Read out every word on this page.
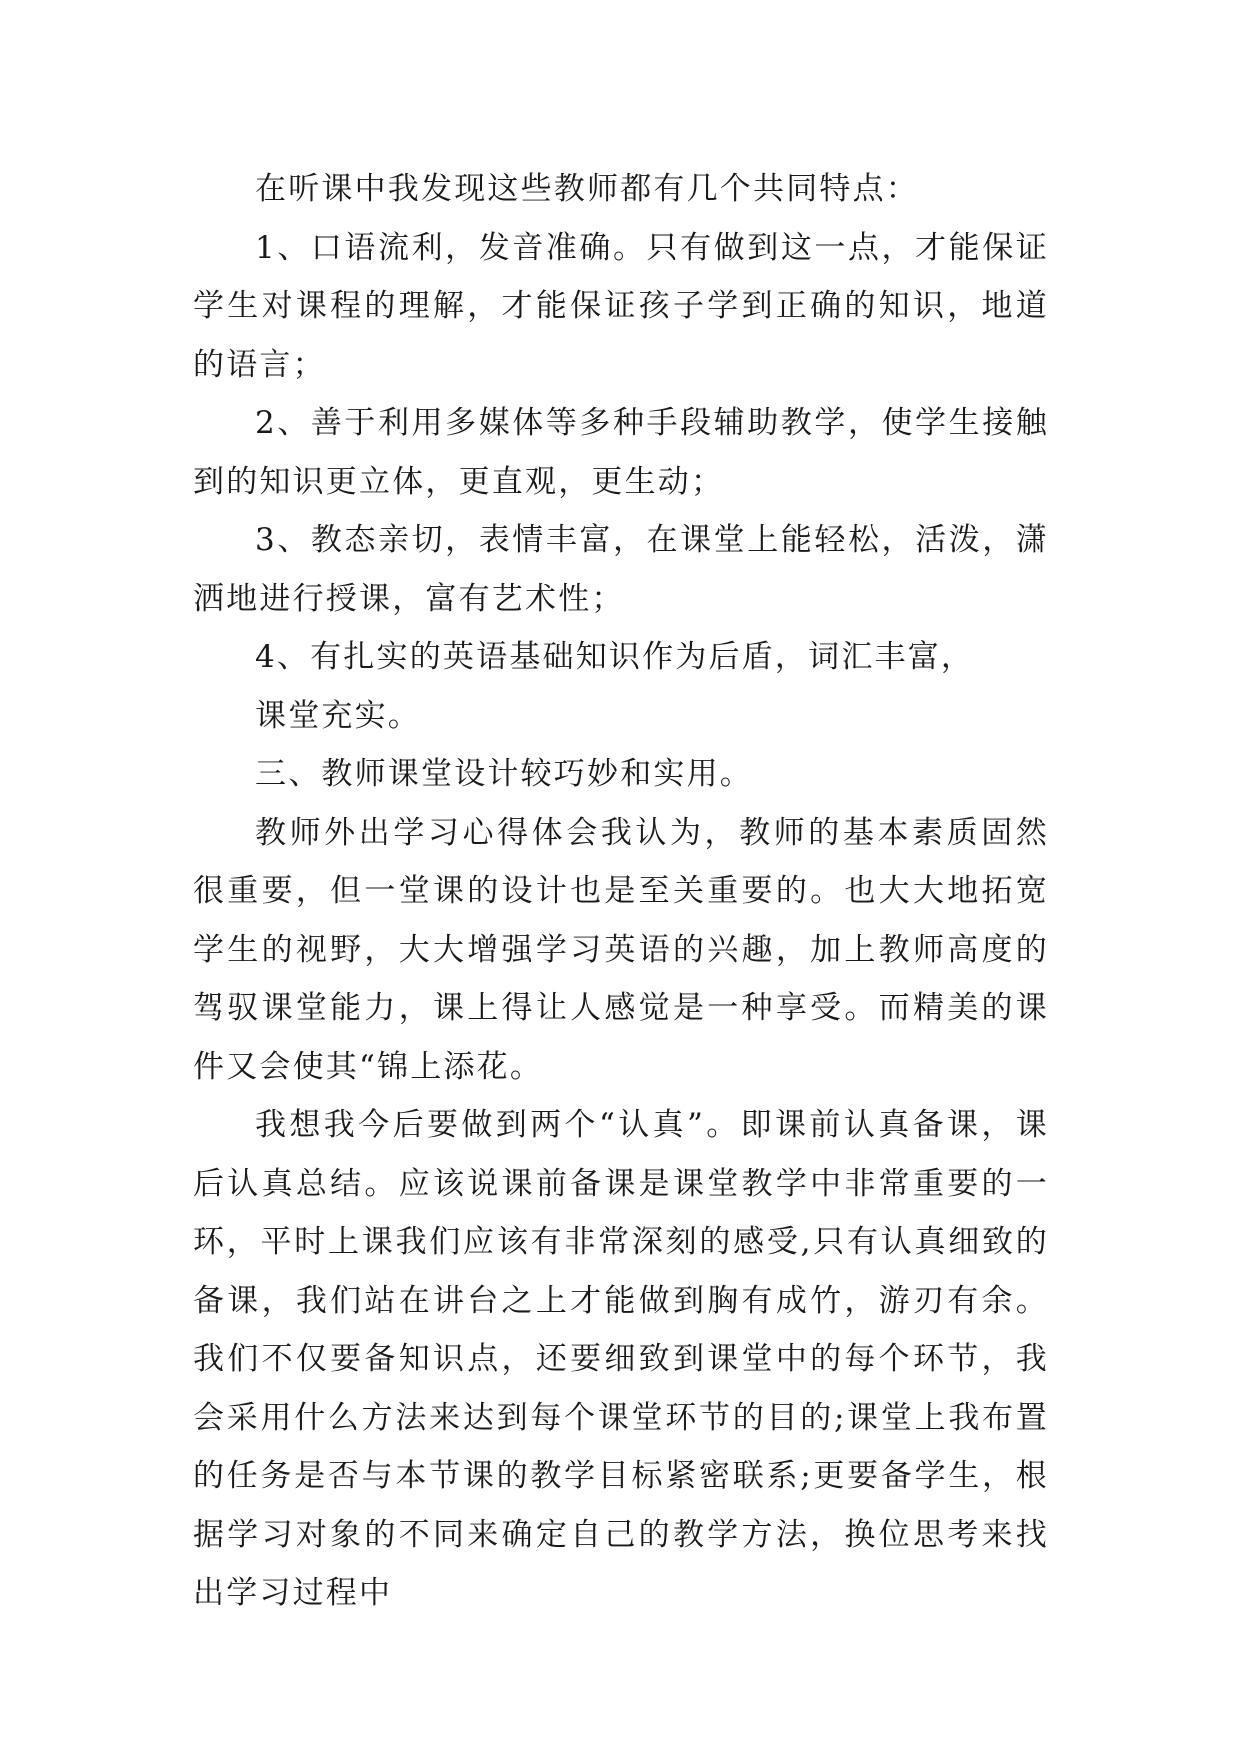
在听课中我发现这些教师都有几个共同特点：

1、口语流利，发音准确。只有做到这一点，才能保证学生对课程的理解，才能保证孩子学到正确的知识，地道的语言；

2、善于利用多媒体等多种手段辅助教学，使学生接触到的知识更立体，更直观，更生动；

3、教态亲切，表情丰富，在课堂上能轻松，活泼，潇洒地进行授课，富有艺术性；

4、有扎实的英语基础知识作为后盾，词汇丰富，

课堂充实。

三、教师课堂设计较巧妙和实用。

教师外出学习心得体会我认为，教师的基本素质固然很重要，但一堂课的设计也是至关重要的。也大大地拓宽学生的视野，大大增强学习英语的兴趣，加上教师高度的驾驭课堂能力，课上得让人感觉是一种享受。而精美的课件又会使其“锦上添花。

我想我今后要做到两个“认真”。即课前认真备课，课后认真总结。应该说课前备课是课堂教学中非常重要的一环，平时上课我们应该有非常深刻的感受,只有认真细致的备课，我们站在讲台之上才能做到胸有成竹，游刃有余。我们不仅要备知识点，还要细致到课堂中的每个环节，我会采用什么方法来达到每个课堂环节的目的;课堂上我布置的任务是否与本节课的教学目标紧密联系;更要备学生，根据学习对象的不同来确定自己的教学方法，换位思考来找出学习过程中
